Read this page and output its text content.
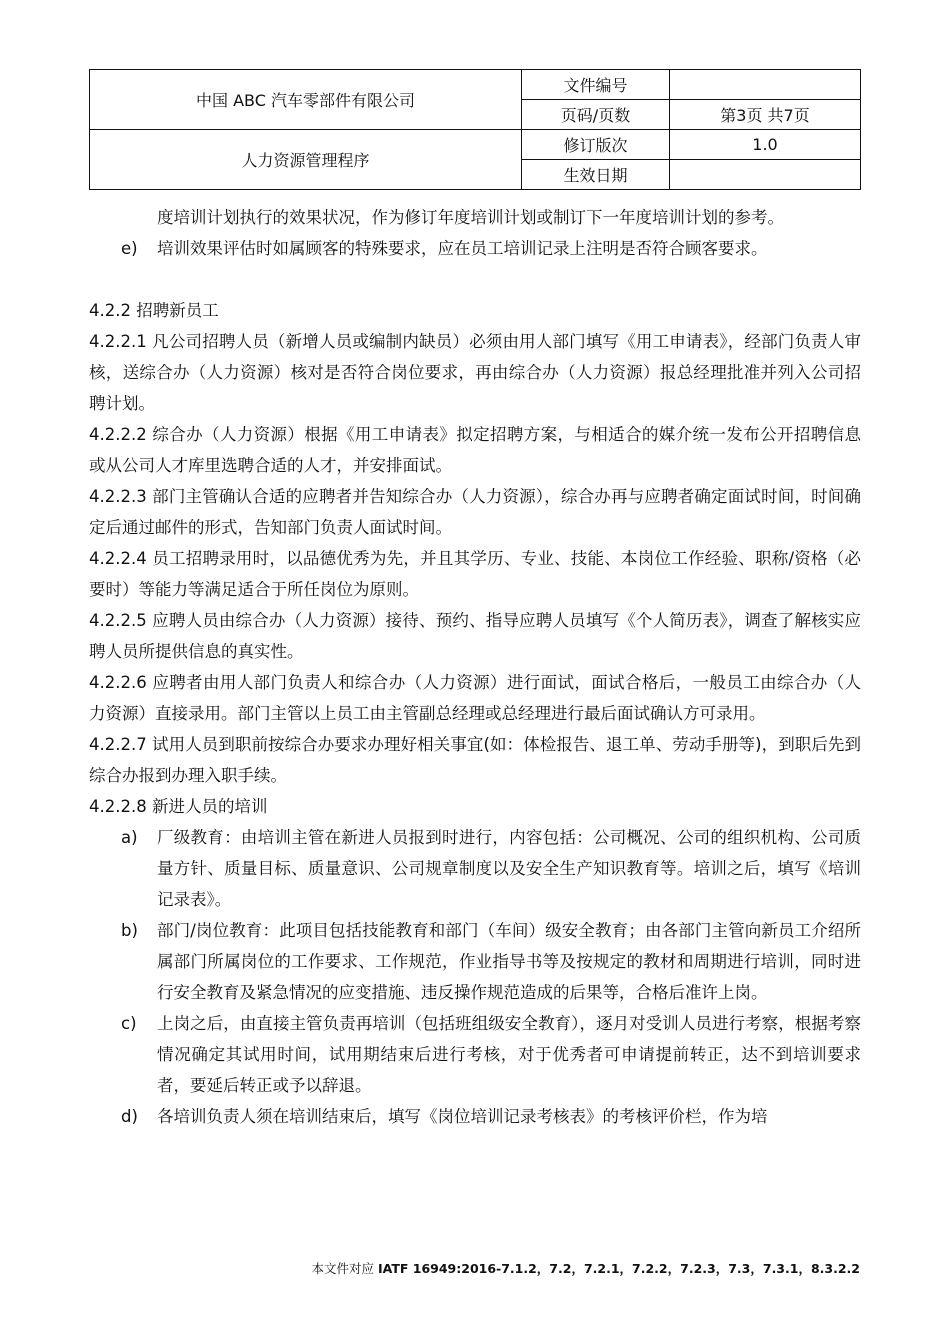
中国 ABC 汽车零部件有限公司	文件编号	
	页码/页数	第3页 共7页
人力资源管理程序	修订版次	1.0
	生效日期	

度培训计划执行的效果状况，作为修订年度培训计划或制订下一年度培训计划的参考。

e)	培训效果评估时如属顾客的特殊要求，应在员工培训记录上注明是否符合顾客要求。

4.2.2 招聘新员工

4.2.2.1 凡公司招聘人员（新增人员或编制内缺员）必须由用人部门填写《用工申请表》，经部门负责人审核，送综合办（人力资源）核对是否符合岗位要求，再由综合办（人力资源）报总经理批准并列入公司招聘计划。

4.2.2.2 综合办（人力资源）根据《用工申请表》拟定招聘方案，与相适合的媒介统一发布公开招聘信息或从公司人才库里选聘合适的人才，并安排面试。

4.2.2.3 部门主管确认合适的应聘者并告知综合办（人力资源），综合办再与应聘者确定面试时间，时间确定后通过邮件的形式，告知部门负责人面试时间。

4.2.2.4 员工招聘录用时，以品德优秀为先，并且其学历、专业、技能、本岗位工作经验、职称/资格（必要时）等能力等满足适合于所任岗位为原则。

4.2.2.5 应聘人员由综合办（人力资源）接待、预约、指导应聘人员填写《个人简历表》，调查了解核实应聘人员所提供信息的真实性。

4.2.2.6 应聘者由用人部门负责人和综合办（人力资源）进行面试，面试合格后，一般员工由综合办（人力资源）直接录用。部门主管以上员工由主管副总经理或总经理进行最后面试确认方可录用。

4.2.2.7 试用人员到职前按综合办要求办理好相关事宜(如：体检报告、退工单、劳动手册等)，到职后先到综合办报到办理入职手续。

4.2.2.8 新进人员的培训

a)	厂级教育：由培训主管在新进人员报到时进行，内容包括：公司概况、公司的组织机构、公司质量方针、质量目标、质量意识、公司规章制度以及安全生产知识教育等。培训之后，填写《培训记录表》。
b)	部门/岗位教育：此项目包括技能教育和部门（车间）级安全教育；由各部门主管向新员工介绍所属部门所属岗位的工作要求、工作规范，作业指导书等及按规定的教材和周期进行培训，同时进行安全教育及紧急情况的应变措施、违反操作规范造成的后果等，合格后准许上岗。
c)	上岗之后，由直接主管负责再培训（包括班组级安全教育），逐月对受训人员进行考察，根据考察情况确定其试用时间，试用期结束后进行考核，对于优秀者可申请提前转正，达不到培训要求者，要延后转正或予以辞退。
d)	各培训负责人须在培训结束后，填写《岗位培训记录考核表》的考核评价栏，作为培
本文件对应 IATF 16949:2016-7.1.2，7.2，7.2.1，7.2.2，7.2.3，7.3，7.3.1，8.3.2.2
